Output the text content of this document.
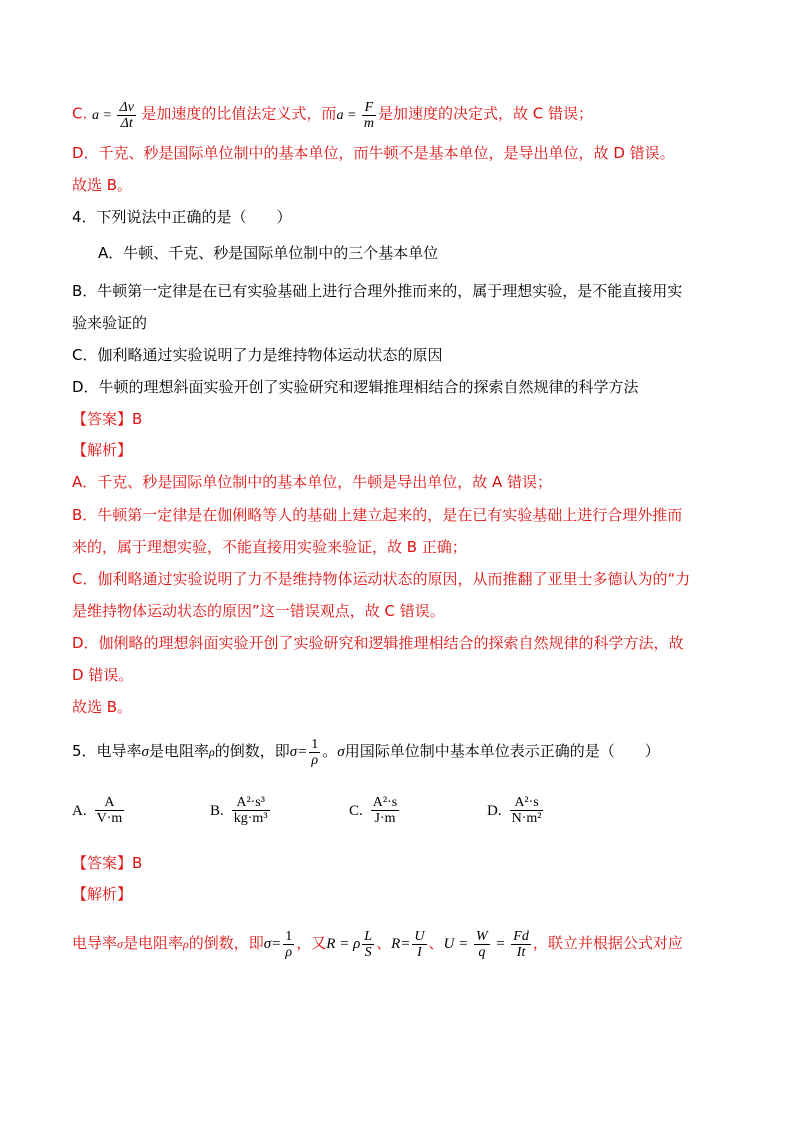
C. $a = \frac{\Delta v}{\Delta t}$ 是加速度的比值法定义式，而$a = \frac{F}{m}$ 是加速度的决定式，故 C 错误；
D．千克、秒是国际单位制中的基本单位，而牛顿不是基本单位，是导出单位，故 D 错误。
故选 B。
4．下列说法中正确的是（　　）
A．牛顿、千克、秒是国际单位制中的三个基本单位
B．牛顿第一定律是在已有实验基础上进行合理外推而来的，属于理想实验，是不能直接用实
验来验证的
C．伽利略通过实验说明了力是维持物体运动状态的原因
D．牛顿的理想斜面实验开创了实验研究和逻辑推理相结合的探索自然规律的科学方法
【答案】B
【解析】
A．千克、秒是国际单位制中的基本单位，牛顿是导出单位，故 A 错误；
B．牛顿第一定律是在伽俐略等人的基础上建立起来的，是在已有实验基础上进行合理外推而
来的，属于理想实验，不能直接用实验来验证，故 B 正确；
C．伽利略通过实验说明了力不是维持物体运动状态的原因，从而推翻了亚里士多德认为的“力
是维持物体运动状态的原因”这一错误观点，故 C 错误。
D．伽俐略的理想斜面实验开创了实验研究和逻辑推理相结合的探索自然规律的科学方法，故
D 错误。
故选 B。
5．电导率σ是电阻率ρ的倒数，即$\sigma= \frac{1}{\rho}$ 。σ用国际单位制中基本单位表示正确的是（　　）
A. $\frac{A}{V\cdot m}$	B. $\frac{\text{A²·s³}}{\text{kg·m³}}$	C. $\frac{\text{A²·s}}{J\cdot m}$	D. $\frac{\text{A²·s}}{\text{N·m²}}$
【答案】B
【解析】
电导率σ是电阻率ρ的倒数，即$\sigma= \frac{1}{\rho}$ ，又R = ρ $\frac{L}{S}$ 、$R= \frac{U}{I}$ 、$U = \frac{W}{q} = \frac{Fd}{It}$ ，联立并根据公式对应
